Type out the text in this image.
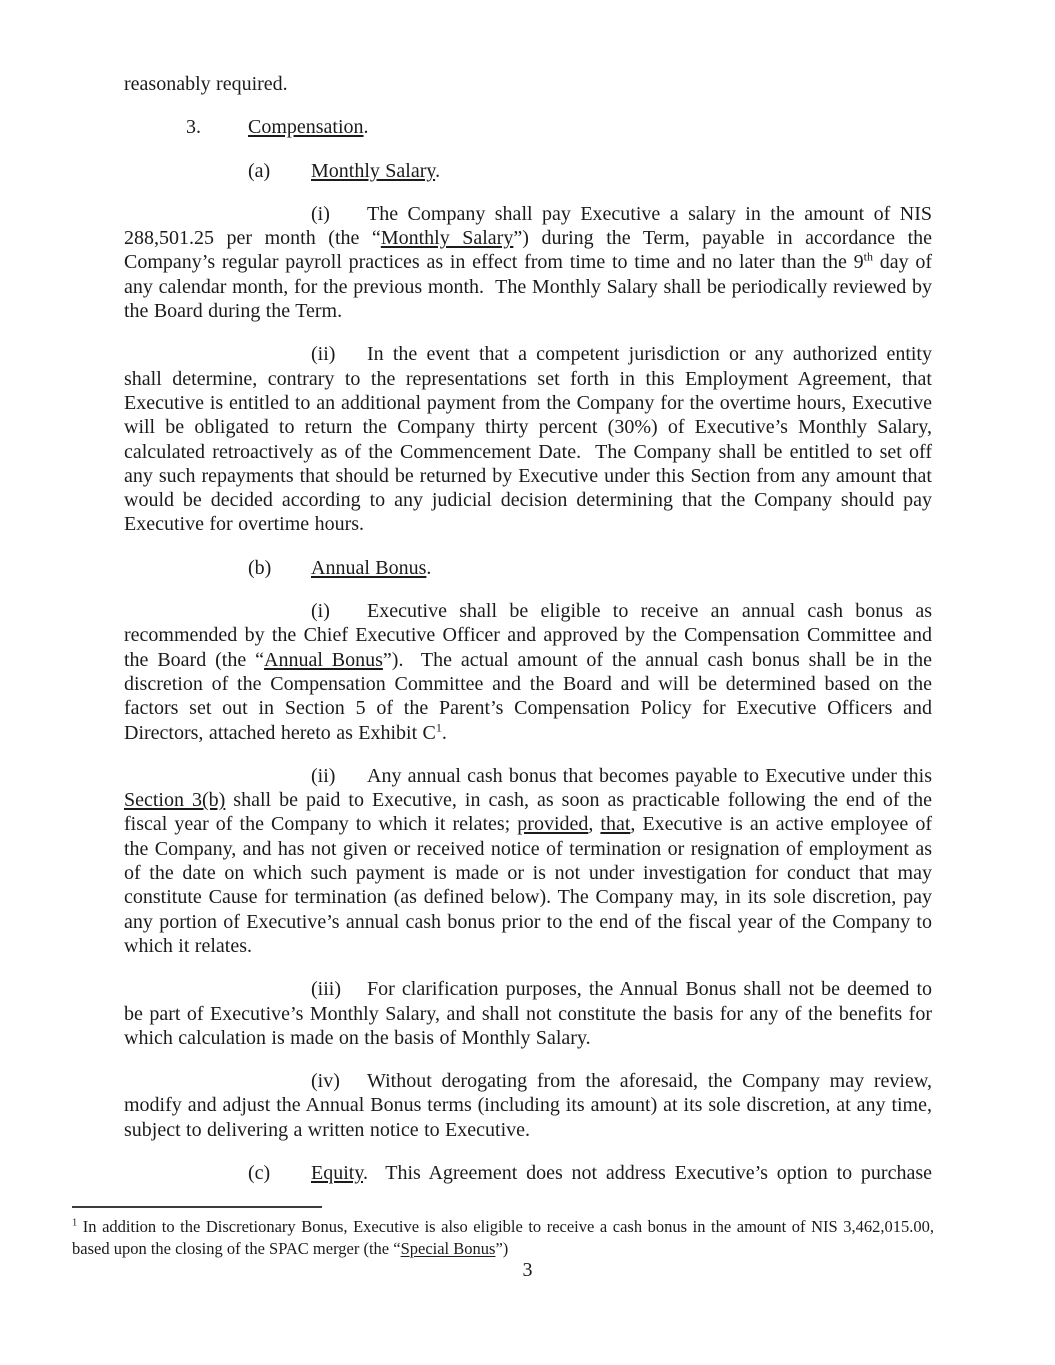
reasonably required.

3. Compensation.

(a) Monthly Salary.

(i) The Company shall pay Executive a salary in the amount of NIS 288,501.25 per month (the “Monthly Salary”) during the Term, payable in accordance the Company’s regular payroll practices as in effect from time to time and no later than the 9th day of any calendar month, for the previous month.  The Monthly Salary shall be periodically reviewed by the Board during the Term.

(ii) In the event that a competent jurisdiction or any authorized entity shall determine, contrary to the representations set forth in this Employment Agreement, that Executive is entitled to an additional payment from the Company for the overtime hours, Executive will be obligated to return the Company thirty percent (30%) of Executive’s Monthly Salary, calculated retroactively as of the Commencement Date.  The Company shall be entitled to set off any such repayments that should be returned by Executive under this Section from any amount that would be decided according to any judicial decision determining that the Company should pay Executive for overtime hours.

(b) Annual Bonus.

(i) Executive shall be eligible to receive an annual cash bonus as recommended by the Chief Executive Officer and approved by the Compensation Committee and the Board (the “Annual Bonus”).  The actual amount of the annual cash bonus shall be in the discretion of the Compensation Committee and the Board and will be determined based on the factors set out in Section 5 of the Parent’s Compensation Policy for Executive Officers and Directors, attached hereto as Exhibit $C^1$.

(ii) Any annual cash bonus that becomes payable to Executive under this Section 3(b) shall be paid to Executive, in cash, as soon as practicable following the end of the fiscal year of the Company to which it relates; provided, that, Executive is an active employee of the Company, and has not given or received notice of termination or resignation of employment as of the date on which such payment is made or is not under investigation for conduct that may constitute Cause for termination (as defined below). The Company may, in its sole discretion, pay any portion of Executive’s annual cash bonus prior to the end of the fiscal year of the Company to which it relates.

(iii) For clarification purposes, the Annual Bonus shall not be deemed to be part of Executive’s Monthly Salary, and shall not constitute the basis for any of the benefits for which calculation is made on the basis of Monthly Salary.

(iv) Without derogating from the aforesaid, the Company may review, modify and adjust the Annual Bonus terms (including its amount) at its sole discretion, at any time, subject to delivering a written notice to Executive.

(c) Equity.  This Agreement does not address Executive’s option to purchase

$^1$ In addition to the Discretionary Bonus, Executive is also eligible to receive a cash bonus in the amount of NIS 3,462,015.00, based upon the closing of the SPAC merger (the “Special Bonus”)
3
